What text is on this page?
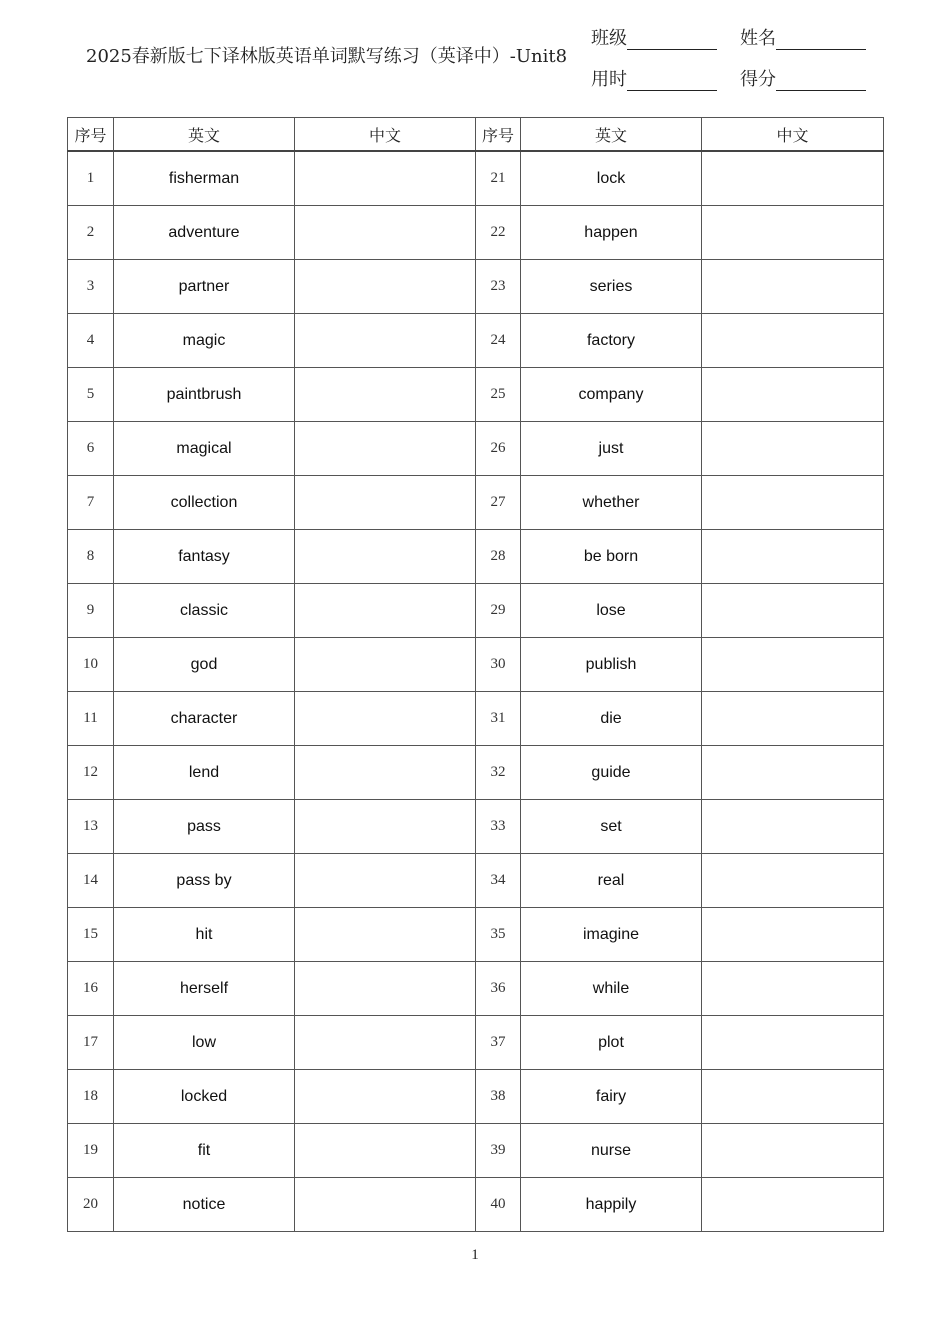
2025春新版七下译林版英语单词默写练习（英译中）-Unit8
班级	姓名
用时	得分
序号	英文	中文	序号	英文	中文
1	fisherman		21	lock	
2	adventure		22	happen	
3	partner		23	series	
4	magic		24	factory	
5	paintbrush		25	company	
6	magical		26	just	
7	collection		27	whether	
8	fantasy		28	be born	
9	classic		29	lose	
10	god		30	publish	
11	character		31	die	
12	lend		32	guide	
13	pass		33	set	
14	pass by		34	real	
15	hit		35	imagine	
16	herself		36	while	
17	low		37	plot	
18	locked		38	fairy	
19	fit		39	nurse	
20	notice		40	happily	
1
